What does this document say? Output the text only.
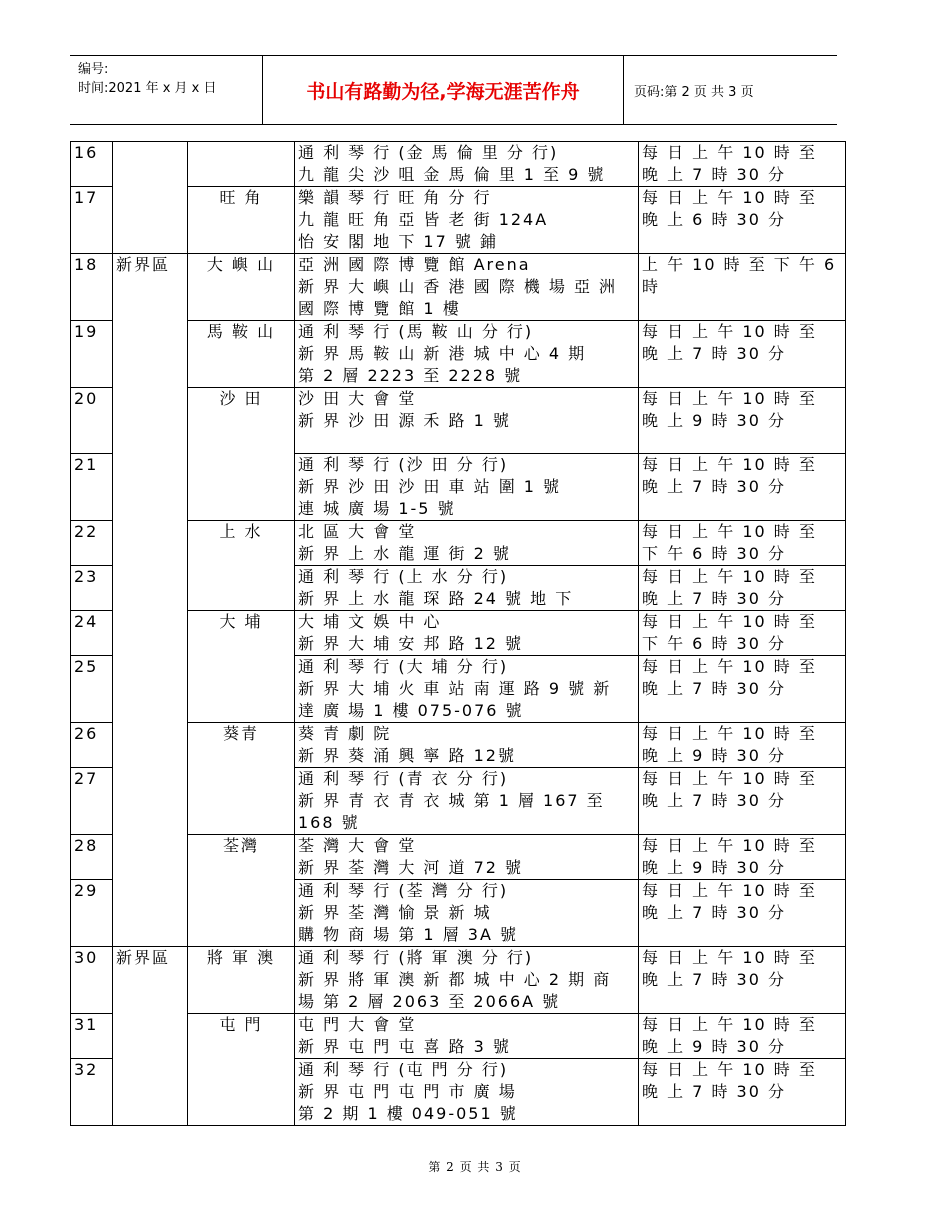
编号:
时间:2021 年 x 月 x 日	书山有路勤为径,学海无涯苦作舟	页码:第 2 页 共 3 页
16			通 利 琴 行 (金 馬 倫 里 分 行)
九 龍 尖 沙 咀 金 馬 倫 里 1 至 9 號	每 日 上 午 10 時 至
晚 上 7 時 30 分
17		旺 角	樂 韻 琴 行 旺 角 分 行
九 龍 旺 角 亞 皆 老 街 124A
怡 安 閣 地 下 17 號 鋪	每 日 上 午 10 時 至
晚 上 6 時 30 分
18	新界區	大 嶼 山	亞 洲 國 際 博 覽 館 Arena
新 界 大 嶼 山 香 港 國 際 機 場 亞 洲
國 際 博 覽 館 1 樓	上 午 10 時 至 下 午 6
時
19		馬 鞍 山	通 利 琴 行 (馬 鞍 山 分 行)
新 界 馬 鞍 山 新 港 城 中 心 4 期
第 2 層 2223 至 2228 號	每 日 上 午 10 時 至
晚 上 7 時 30 分
20		沙 田	沙 田 大 會 堂
新 界 沙 田 源 禾 路 1 號	每 日 上 午 10 時 至
晚 上 9 時 30 分
21			通 利 琴 行 (沙 田 分 行)
新 界 沙 田 沙 田 車 站 圍 1 號
連 城 廣 場 1-5 號	每 日 上 午 10 時 至
晚 上 7 時 30 分
22		上 水	北 區 大 會 堂
新 界 上 水 龍 運 街 2 號	每 日 上 午 10 時 至
下 午 6 時 30 分
23			通 利 琴 行 (上 水 分 行)
新 界 上 水 龍 琛 路 24 號 地 下	每 日 上 午 10 時 至
晚 上 7 時 30 分
24		大 埔	大 埔 文 娛 中 心
新 界 大 埔 安 邦 路 12 號	每 日 上 午 10 時 至
下 午 6 時 30 分
25			通 利 琴 行 (大 埔 分 行)
新 界 大 埔 火 車 站 南 運 路 9 號 新
達 廣 場 1 樓 075-076 號	每 日 上 午 10 時 至
晚 上 7 時 30 分
26		葵青	葵 青 劇 院
新 界 葵 涌 興 寧 路 12號	每 日 上 午 10 時 至
晚 上 9 時 30 分
27			通 利 琴 行 (青 衣 分 行)
新 界 青 衣 青 衣 城 第 1 層 167 至
168 號	每 日 上 午 10 時 至
晚 上 7 時 30 分
28		荃灣	荃 灣 大 會 堂
新 界 荃 灣 大 河 道 72 號	每 日 上 午 10 時 至
晚 上 9 時 30 分
29			通 利 琴 行 (荃 灣 分 行)
新 界 荃 灣 愉 景 新 城
購 物 商 場 第 1 層 3A 號	每 日 上 午 10 時 至
晚 上 7 時 30 分
30	新界區	將 軍 澳	通 利 琴 行 (將 軍 澳 分 行)
新 界 將 軍 澳 新 都 城 中 心 2 期 商
場 第 2 層 2063 至 2066A 號	每 日 上 午 10 時 至
晚 上 7 時 30 分
31		屯 門	屯 門 大 會 堂
新 界 屯 門 屯 喜 路 3 號	每 日 上 午 10 時 至
晚 上 9 時 30 分
32			通 利 琴 行 (屯 門 分 行)
新 界 屯 門 屯 門 市 廣 場
第 2 期 1 樓 049-051 號	每 日 上 午 10 時 至
晚 上 7 時 30 分
第 2 页 共 3 页
